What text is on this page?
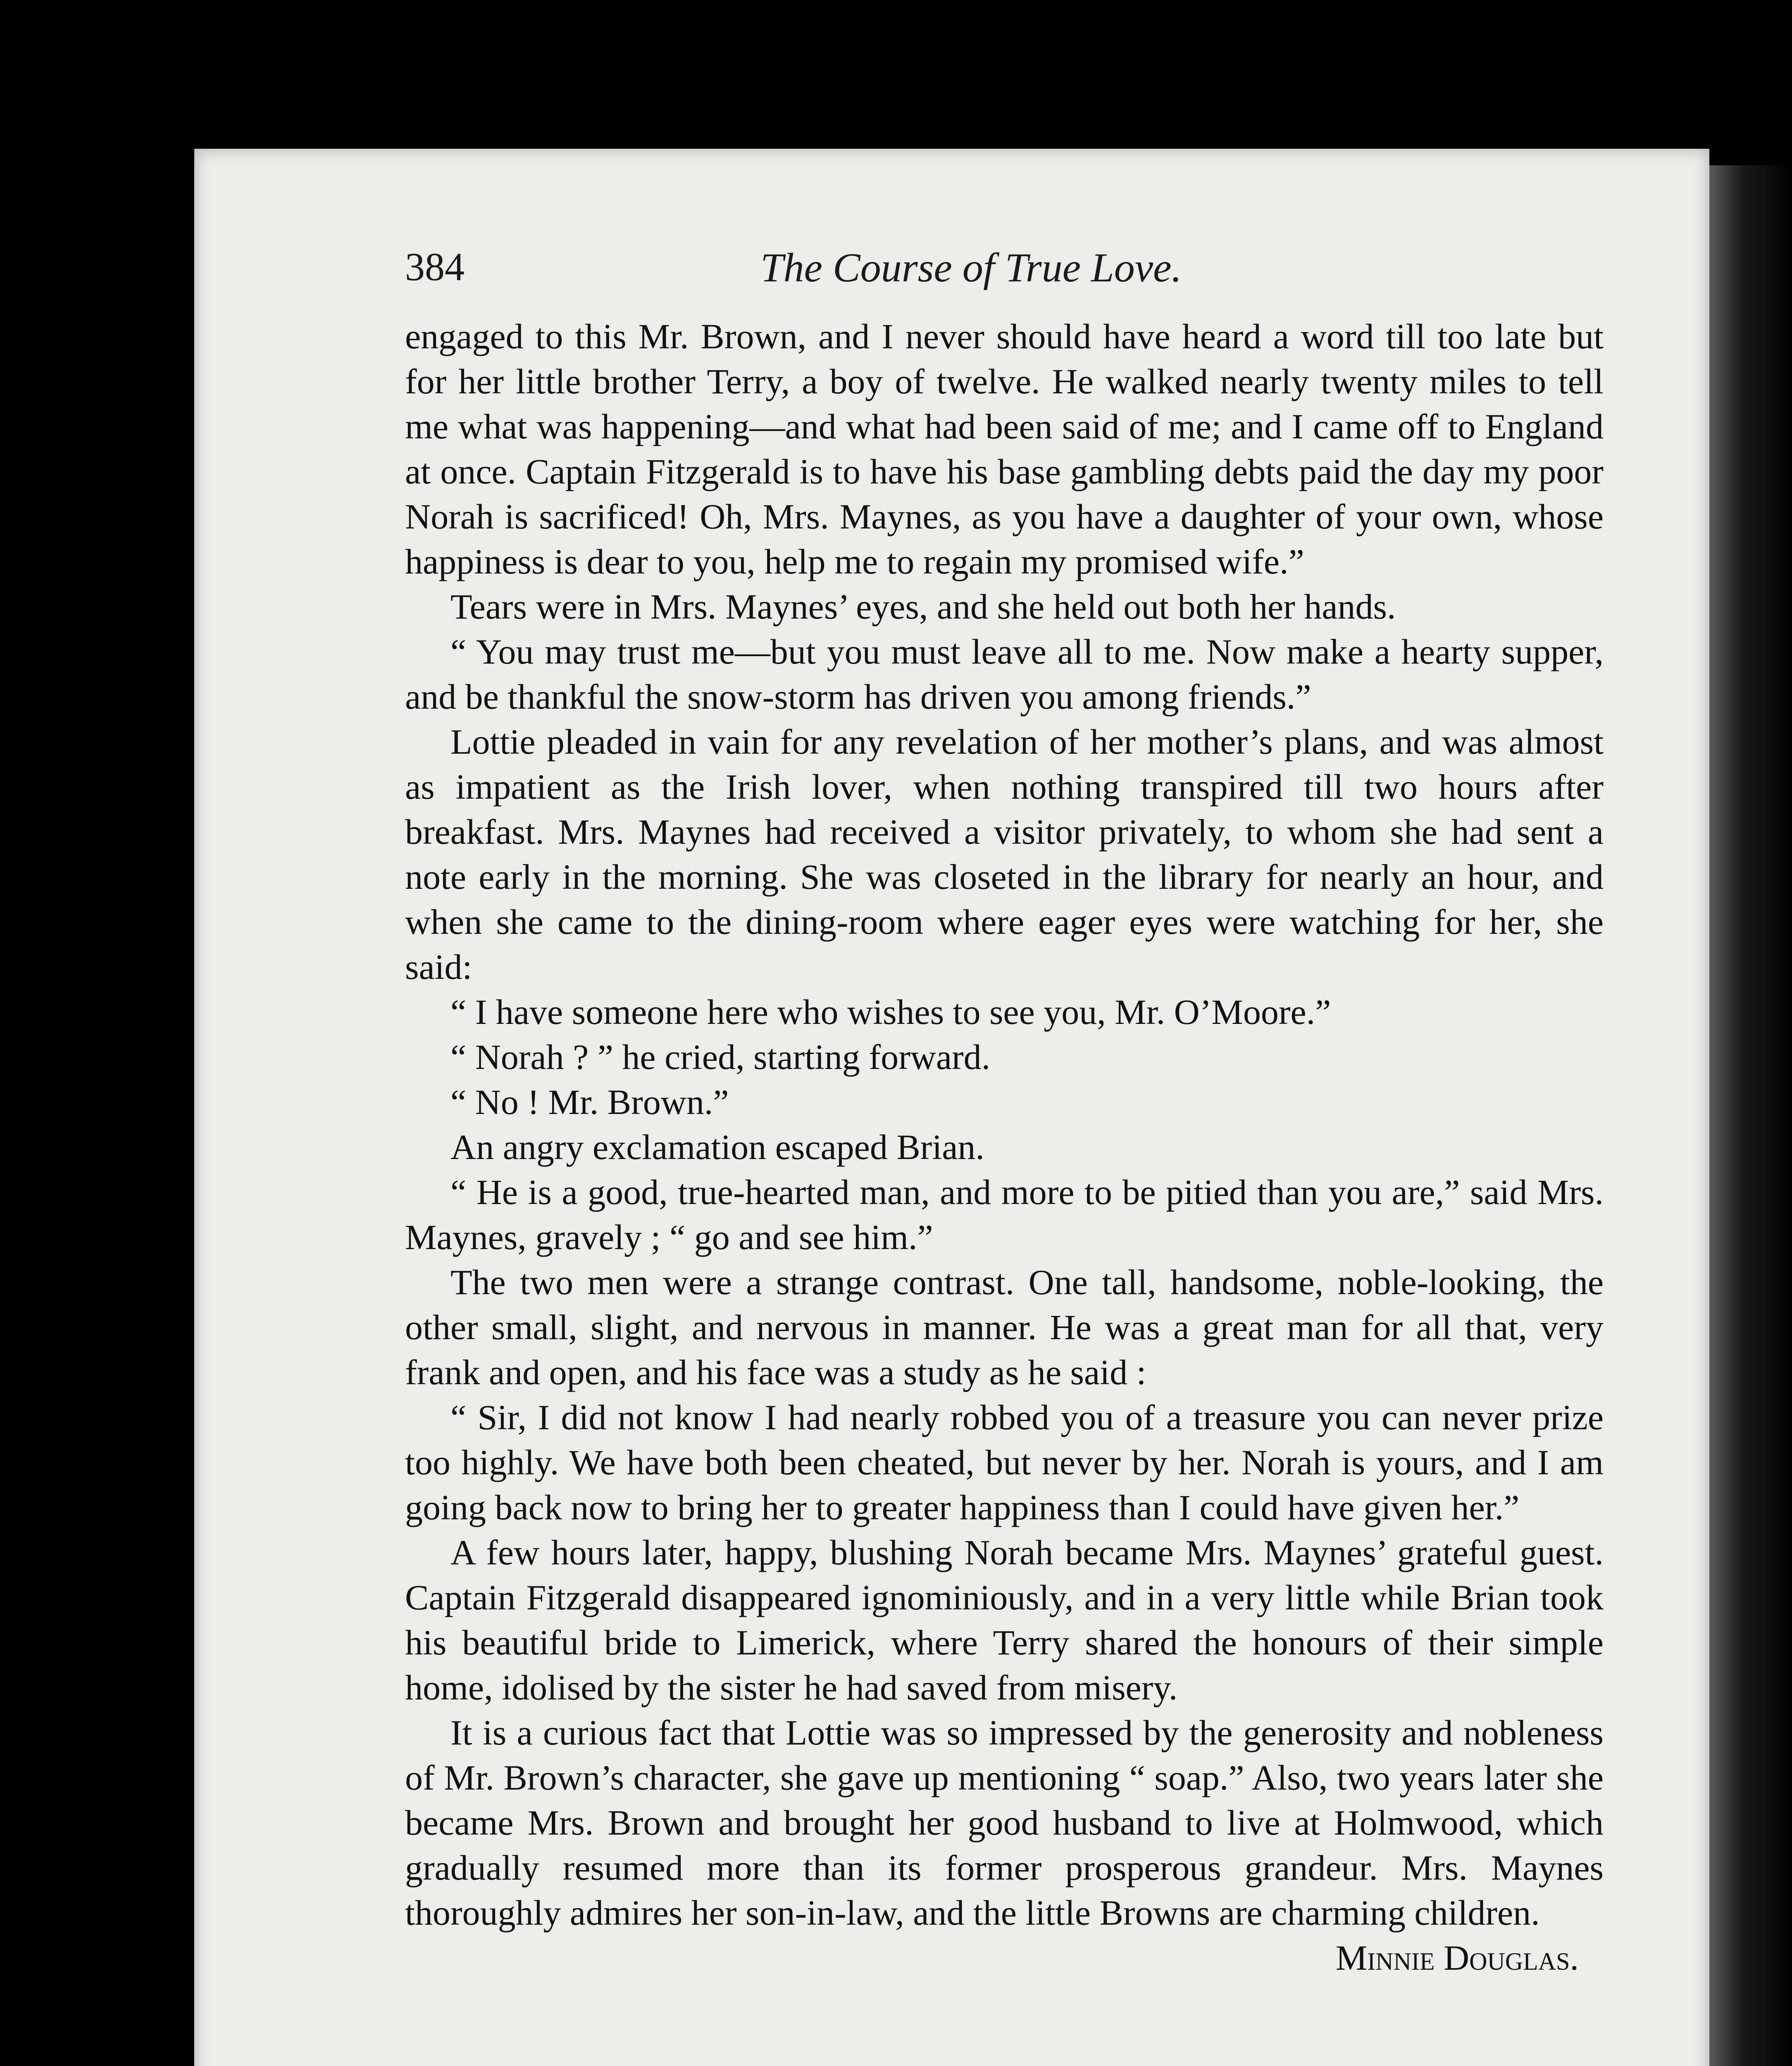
384	The Course of True Love.

engaged to this Mr. Brown, and I never should have heard a word till too late but for her little brother Terry, a boy of twelve. He walked nearly twenty miles to tell me what was happening—and what had been said of me; and I came off to England at once. Captain Fitzgerald is to have his base gambling debts paid the day my poor Norah is sacrificed! Oh, Mrs. Maynes, as you have a daughter of your own, whose happiness is dear to you, help me to regain my promised wife.”

Tears were in Mrs. Maynes’ eyes, and she held out both her hands.

“ You may trust me—but you must leave all to me. Now make a hearty supper, and be thankful the snow-storm has driven you among friends.”

Lottie pleaded in vain for any revelation of her mother’s plans, and was almost as impatient as the Irish lover, when nothing transpired till two hours after breakfast. Mrs. Maynes had received a visitor privately, to whom she had sent a note early in the morning. She was closeted in the library for nearly an hour, and when she came to the dining-room where eager eyes were watching for her, she said:

“ I have someone here who wishes to see you, Mr. O’Moore.”

“ Norah ? ” he cried, starting forward.

“ No ! Mr. Brown.”

An angry exclamation escaped Brian.

“ He is a good, true-hearted man, and more to be pitied than you are,” said Mrs. Maynes, gravely ; “ go and see him.”

The two men were a strange contrast. One tall, handsome, noble-looking, the other small, slight, and nervous in manner. He was a great man for all that, very frank and open, and his face was a study as he said :

“ Sir, I did not know I had nearly robbed you of a treasure you can never prize too highly. We have both been cheated, but never by her. Norah is yours, and I am going back now to bring her to greater happiness than I could have given her.”

A few hours later, happy, blushing Norah became Mrs. Maynes’ grateful guest. Captain Fitzgerald disappeared ignominiously, and in a very little while Brian took his beautiful bride to Limerick, where Terry shared the honours of their simple home, idolised by the sister he had saved from misery.

It is a curious fact that Lottie was so impressed by the generosity and nobleness of Mr. Brown’s character, she gave up mentioning “ soap.” Also, two years later she became Mrs. Brown and brought her good husband to live at Holmwood, which gradually resumed more than its former prosperous grandeur. Mrs. Maynes thoroughly admires her son-in-law, and the little Browns are charming children.

Minnie Douglas.
